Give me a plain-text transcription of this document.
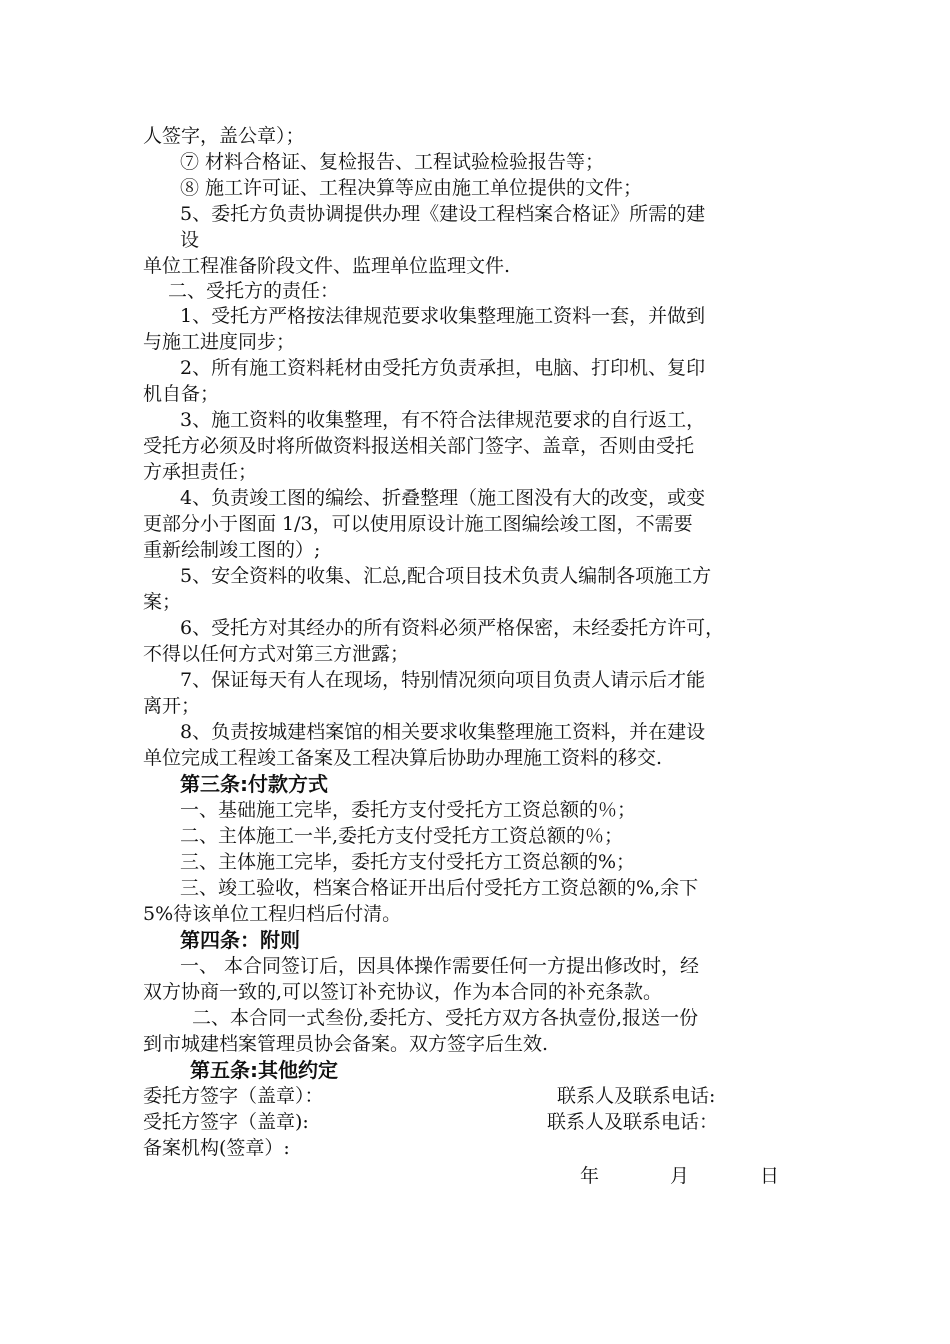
人签字，盖公章）；
⑦ 材料合格证、复检报告、工程试验检验报告等；
⑧ 施工许可证、工程决算等应由施工单位提供的文件；
5、委托方负责协调提供办理《建设工程档案合格证》所需的建
设
单位工程准备阶段文件、监理单位监理文件.
二、受托方的责任：
1、受托方严格按法律规范要求收集整理施工资料一套，并做到
与施工进度同步；
2、所有施工资料耗材由受托方负责承担，电脑、打印机、复印
机自备；
3、施工资料的收集整理，有不符合法律规范要求的自行返工，
受托方必须及时将所做资料报送相关部门签字、盖章，否则由受托
方承担责任；
4、负责竣工图的编绘、折叠整理（施工图没有大的改变，或变
更部分小于图面 1/3，可以使用原设计施工图编绘竣工图，不需要
重新绘制竣工图的）;
5、安全资料的收集、汇总,配合项目技术负责人编制各项施工方
案；
6、受托方对其经办的所有资料必须严格保密，未经委托方许可，
不得以任何方式对第三方泄露；
7、保证每天有人在现场，特别情况须向项目负责人请示后才能
离开；
8、负责按城建档案馆的相关要求收集整理施工资料，并在建设
单位完成工程竣工备案及工程决算后协助办理施工资料的移交.
第三条:付款方式
一、基础施工完毕，委托方支付受托方工资总额的％；
二、主体施工一半,委托方支付受托方工资总额的％；
三、主体施工完毕，委托方支付受托方工资总额的%；
三、竣工验收，档案合格证开出后付受托方工资总额的%,余下
5%待该单位工程归档后付清。
第四条：附则
一、 本合同签订后，因具体操作需要任何一方提出修改时，经
双方协商一致的,可以签订补充协议，作为本合同的补充条款。
二、本合同一式叁份,委托方、受托方双方各执壹份,报送一份
到市城建档案管理员协会备案。双方签字后生效.
第五条:其他约定
委托方签字（盖章）：	联系人及联系电话:
受托方签字（盖章):	联系人及联系电话：
备案机构(签章）:
年	月	日
